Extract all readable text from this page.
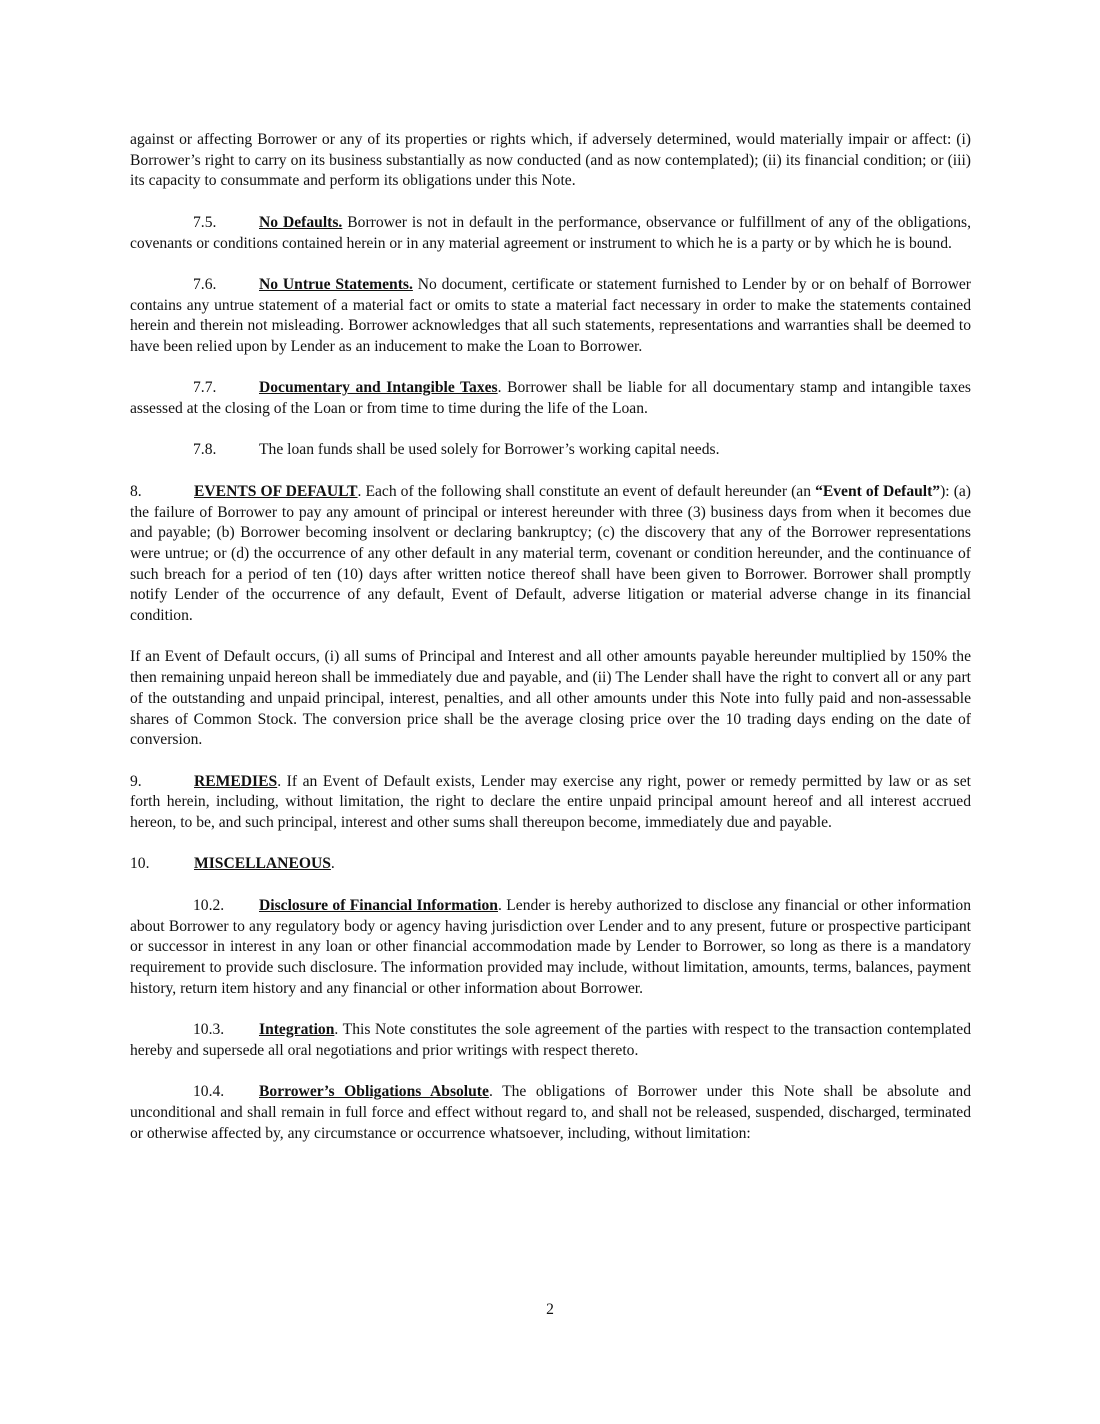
against or affecting Borrower or any of its properties or rights which, if adversely determined, would materially impair or affect: (i) Borrower’s right to carry on its business substantially as now conducted (and as now contemplated); (ii) its financial condition; or (iii) its capacity to consummate and perform its obligations under this Note.

7.5.	No Defaults. Borrower is not in default in the performance, observance or fulfillment of any of the obligations, covenants or conditions contained herein or in any material agreement or instrument to which he is a party or by which he is bound.

7.6.	No Untrue Statements. No document, certificate or statement furnished to Lender by or on behalf of Borrower contains any untrue statement of a material fact or omits to state a material fact necessary in order to make the statements contained herein and therein not misleading. Borrower acknowledges that all such statements, representations and warranties shall be deemed to have been relied upon by Lender as an inducement to make the Loan to Borrower.

7.7.	Documentary and Intangible Taxes. Borrower shall be liable for all documentary stamp and intangible taxes assessed at the closing of the Loan or from time to time during the life of the Loan.

7.8.	The loan funds shall be used solely for Borrower’s working capital needs.

8.	EVENTS OF DEFAULT. Each of the following shall constitute an event of default hereunder (an “Event of Default”): (a) the failure of Borrower to pay any amount of principal or interest hereunder with three (3) business days from when it becomes due and payable; (b) Borrower becoming insolvent or declaring bankruptcy; (c) the discovery that any of the Borrower representations were untrue; or (d) the occurrence of any other default in any material term, covenant or condition hereunder, and the continuance of such breach for a period of ten (10) days after written notice thereof shall have been given to Borrower. Borrower shall promptly notify Lender of the occurrence of any default, Event of Default, adverse litigation or material adverse change in its financial condition.

If an Event of Default occurs, (i) all sums of Principal and Interest and all other amounts payable hereunder multiplied by 150% the then remaining unpaid hereon shall be immediately due and payable, and (ii) The Lender shall have the right to convert all or any part of the outstanding and unpaid principal, interest, penalties, and all other amounts under this Note into fully paid and non-assessable shares of Common Stock. The conversion price shall be the average closing price over the 10 trading days ending on the date of conversion.

9.	REMEDIES. If an Event of Default exists, Lender may exercise any right, power or remedy permitted by law or as set forth herein, including, without limitation, the right to declare the entire unpaid principal amount hereof and all interest accrued hereon, to be, and such principal, interest and other sums shall thereupon become, immediately due and payable.

10.	MISCELLANEOUS.

10.2. Disclosure of Financial Information. Lender is hereby authorized to disclose any financial or other information about Borrower to any regulatory body or agency having jurisdiction over Lender and to any present, future or prospective participant or successor in interest in any loan or other financial accommodation made by Lender to Borrower, so long as there is a mandatory requirement to provide such disclosure. The information provided may include, without limitation, amounts, terms, balances, payment history, return item history and any financial or other information about Borrower.

10.3. Integration. This Note constitutes the sole agreement of the parties with respect to the transaction contemplated hereby and supersede all oral negotiations and prior writings with respect thereto.

10.4. Borrower’s Obligations Absolute. The obligations of Borrower under this Note shall be absolute and unconditional and shall remain in full force and effect without regard to, and shall not be released, suspended, discharged, terminated or otherwise affected by, any circumstance or occurrence whatsoever, including, without limitation:

2
